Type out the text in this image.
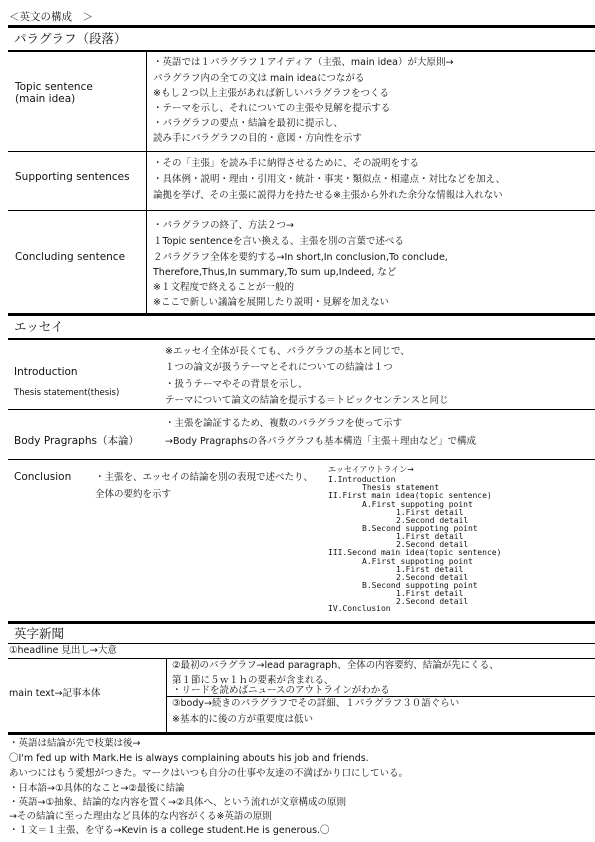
＜英文の構成　＞
パラグラフ（段落）
Topic sentence
(main idea)
・英語では１パラグラフ１アイディア（主張、main idea）が大原則→
パラグラフ内の全ての文は main ideaにつながる
※もし２つ以上主張があれば新しいパラグラフをつくる
・テーマを示し、それについての主張や見解を提示する
・パラグラフの要点・結論を最初に提示し、
読み手にパラグラフの目的・意図・方向性を示す
Supporting sentences
・その「主張」を読み手に納得させるために、その説明をする
・具体例・説明・理由・引用文・統計・事実・類似点・相違点・対比などを加え、
論拠を挙げ、その主張に説得力を持たせる※主張から外れた余分な情報は入れない
Concluding sentence
・パラグラフの終了、方法２つ→
１Topic sentenceを言い換える、主張を別の言葉で述べる
２パラグラフ全体を要約する→In short,In conclusion,To conclude,
Therefore,Thus,In summary,To sum up,Indeed, など
※１文程度で終えることが一般的
※ここで新しい議論を展開したり説明・見解を加えない
エッセイ
Introduction
Thesis statement(thesis)
※エッセイ全体が長くても、パラグラフの基本と同じで、
１つの論文が扱うテーマとそれについての結論は１つ
・扱うテーマやその背景を示し、
テーマについて論文の結論を提示する＝トピックセンテンスと同じ
Body Pragraphs（本論）
・主張を論証するため、複数のパラグラフを使って示す
→Body Pragraphsの各パラグラフも基本構造「主張＋理由など」で構成
Conclusion	・主張を、エッセイの結論を別の表現で述べたり、
全体の要約を示す
エッセイアウトライン→
I.Introduction
Thesis statement
II.First main idea(topic sentence)
A.First suppoting point
1.First detail
2.Second detail
B.Second suppoting point
1.First detail
2.Second detail
III.Second main idea(topic sentence)
A.First suppoting point
1.First detail
2.Second detail
B.Second suppoting point
1.First detail
2.Second detail
IV.Conclusion
英字新聞
①headline 見出し→大意
main text→記事本体
②最初のパラグラフ→lead paragraph、全体の内容要約、結論が先にくる、
第１節に５ｗ１ｈの要素が含まれる、
・リードを読めばニュースのアウトラインがわかる
③body→続きのパラグラフでその詳細、１パラグラフ３０語ぐらい
※基本的に後の方が重要度は低い
・英語は結論が先で枝葉は後→
〇I'm fed up with Mark.He is always complaining abouts his job and friends.
あいつにはもう愛想がつきた。マークはいつも自分の仕事や友達の不満ばかり口にしている。
・日本語→①具体的なこと→②最後に結論
・英語→①抽象、結論的な内容を置く→②具体へ、という流れが文章構成の原則
→その結論に至った理由など具体的な内容がくる※英語の原則
・１文＝１主張、を守る→Kevin is a college student.He is generous.〇
